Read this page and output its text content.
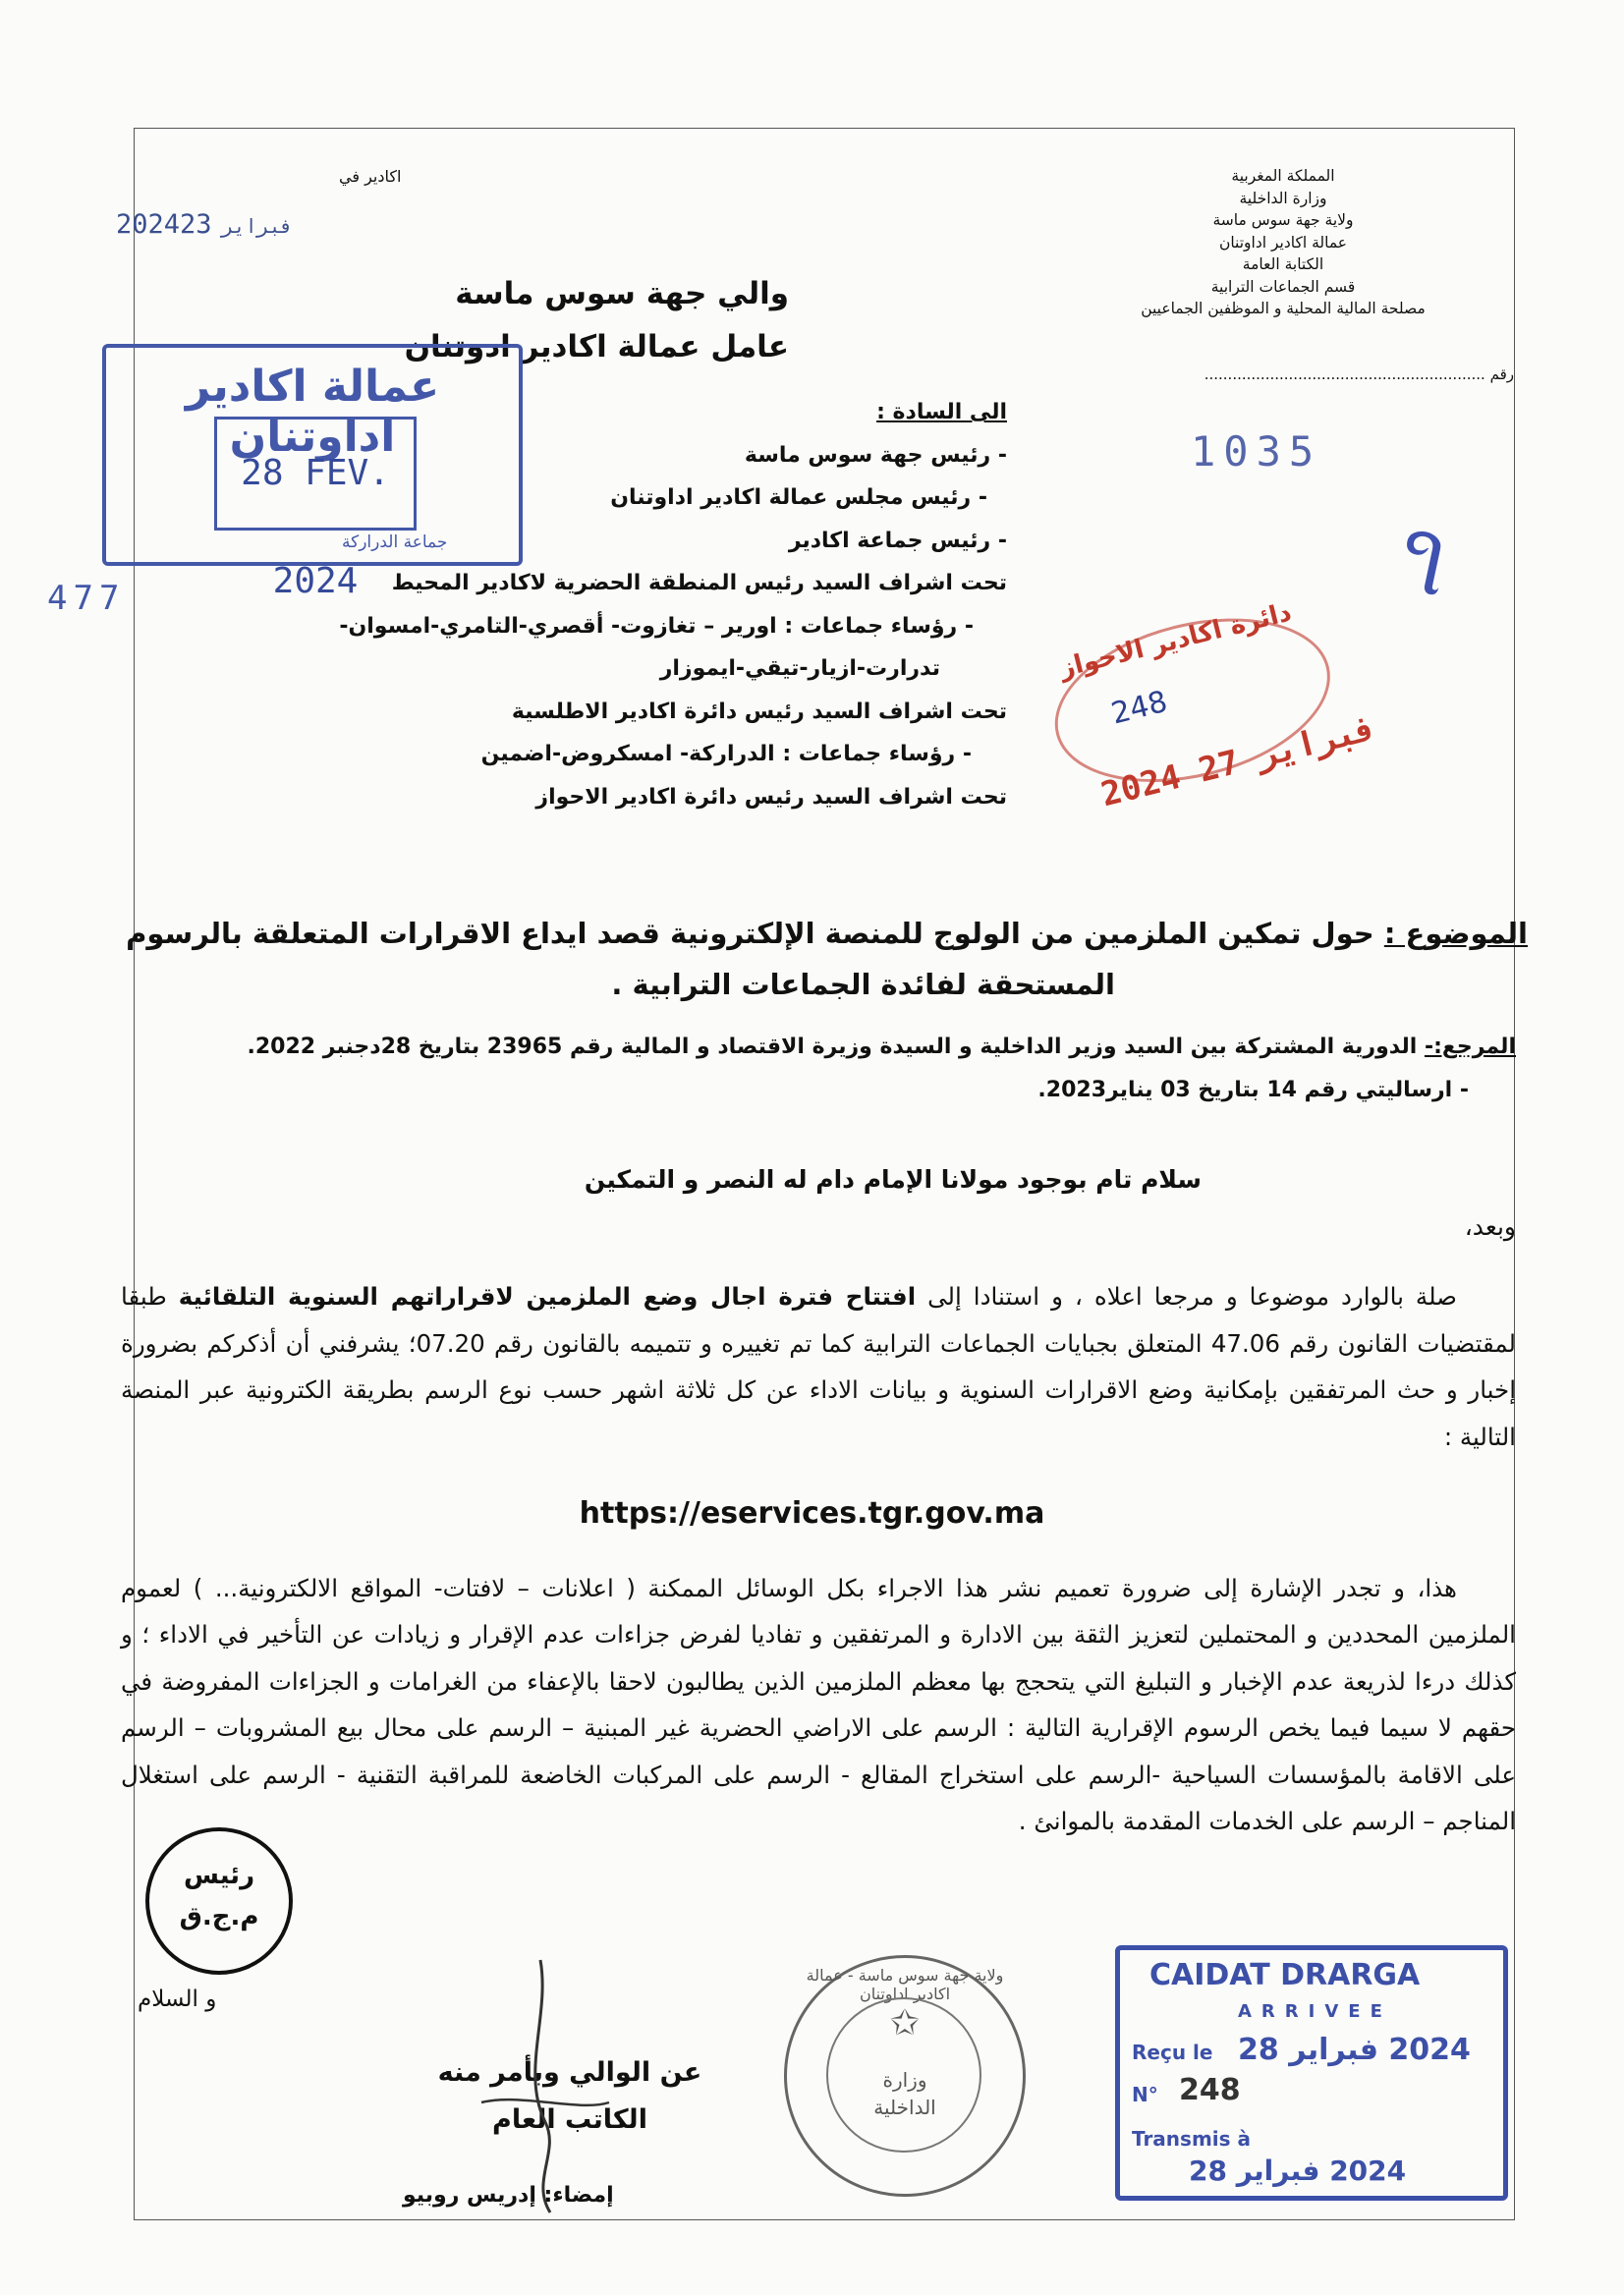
المملكة المغربية
وزارة الداخلية
ولاية جهة سوس ماسة
عمالة اكادير اداوتنان
الكتابة العامة
قسم الجماعات الترابية
مصلحة المالية المحلية و الموظفين الجماعيين
رقم ............................................................
اكادير في
2024 فبراير23
والي جهة سوس ماسة
عامل عمالة اكادير ادوتنان
عمالة اكادير اداوتنان
28 FEV. 2024
جماعة الدراركة
477
الى السادة :
- رئيس جهة سوس ماسة
- رئيس مجلس عمالة اكادير اداوتنان
- رئيس جماعة اكادير
تحت اشراف السيد رئيس المنطقة الحضرية لاكادير المحيط
- رؤساء جماعات : اورير – تغازوت- أقصري-التامري-امسوان-
تدرارت-ازيار-تيقي-ايموزار
تحت اشراف السيد رئيس دائرة اكادير الاطلسية
- رؤساء جماعات : الدراركة- امسكروض-اضمين
تحت اشراف السيد رئيس دائرة اكادير الاحواز
1035
૧
دائرة اكادير الاحواز
248
2024 فبراير 27
الموضوع : حول تمكين الملزمين من الولوج للمنصة الإلكترونية قصد ايداع الاقرارات المتعلقة بالرسوم
المستحقة لفائدة الجماعات الترابية .
المرجع:- الدورية المشتركة بين السيد وزير الداخلية و السيدة وزيرة الاقتصاد و المالية رقم 23965 بتاريخ 28دجنبر 2022.
- ارساليتي رقم 14 بتاريخ 03 يناير2023.
سلام تام بوجود مولانا الإمام دام له النصر و التمكين
وبعد،

صلة بالوارد موضوعا و مرجعا اعلاه ، و استنادا إلى افتتاح فترة اجال وضع الملزمين لاقراراتهم السنوية التلقائية طبقا لمقتضيات القانون رقم 47.06 المتعلق بجبايات الجماعات الترابية كما تم تغييره و تتميمه بالقانون رقم 07.20؛ يشرفني أن أذكركم بضرورة إخبار و حث المرتفقين بإمكانية وضع الاقرارات السنوية و بيانات الاداء عن كل ثلاثة اشهر حسب نوع الرسم بطريقة الكترونية عبر المنصة التالية :

https://eservices.tgr.gov.ma

هذا، و تجدر الإشارة إلى ضرورة تعميم نشر هذا الاجراء بكل الوسائل الممكنة ( اعلانات – لافتات- المواقع الالكترونية... ) لعموم الملزمين المحددين و المحتملين لتعزيز الثقة بين الادارة و المرتفقين و تفاديا لفرض جزاءات عدم الإقرار و زيادات عن التأخير في الاداء ؛ و كذلك درءا لذريعة عدم الإخبار و التبليغ التي يتحجج بها معظم الملزمين الذين يطالبون لاحقا بالإعفاء من الغرامات و الجزاءات المفروضة في حقهم لا سيما فيما يخص الرسوم الإقرارية التالية : الرسم على الاراضي الحضرية غير المبنية – الرسم على محال بيع المشروبات – الرسم على الاقامة بالمؤسسات السياحية -الرسم على استخراج المقالع - الرسم على المركبات الخاضعة للمراقبة التقنية - الرسم على استغلال المناجم – الرسم على الخدمات المقدمة بالموانئ .

رئيس
م.ج.ق
و السلام
عن الوالي وبأمر منه
الكاتب العام
إمضاء: إدريس روبيو
ولاية جهة سوس ماسة - عمالة اكادير اداوتنان
✩
وزارة
الداخلية
CAIDAT DRARGA
ARRIVEE
Reçu le 2024 فبراير 28
N° 248
Transmis à
2024 فبراير 28
